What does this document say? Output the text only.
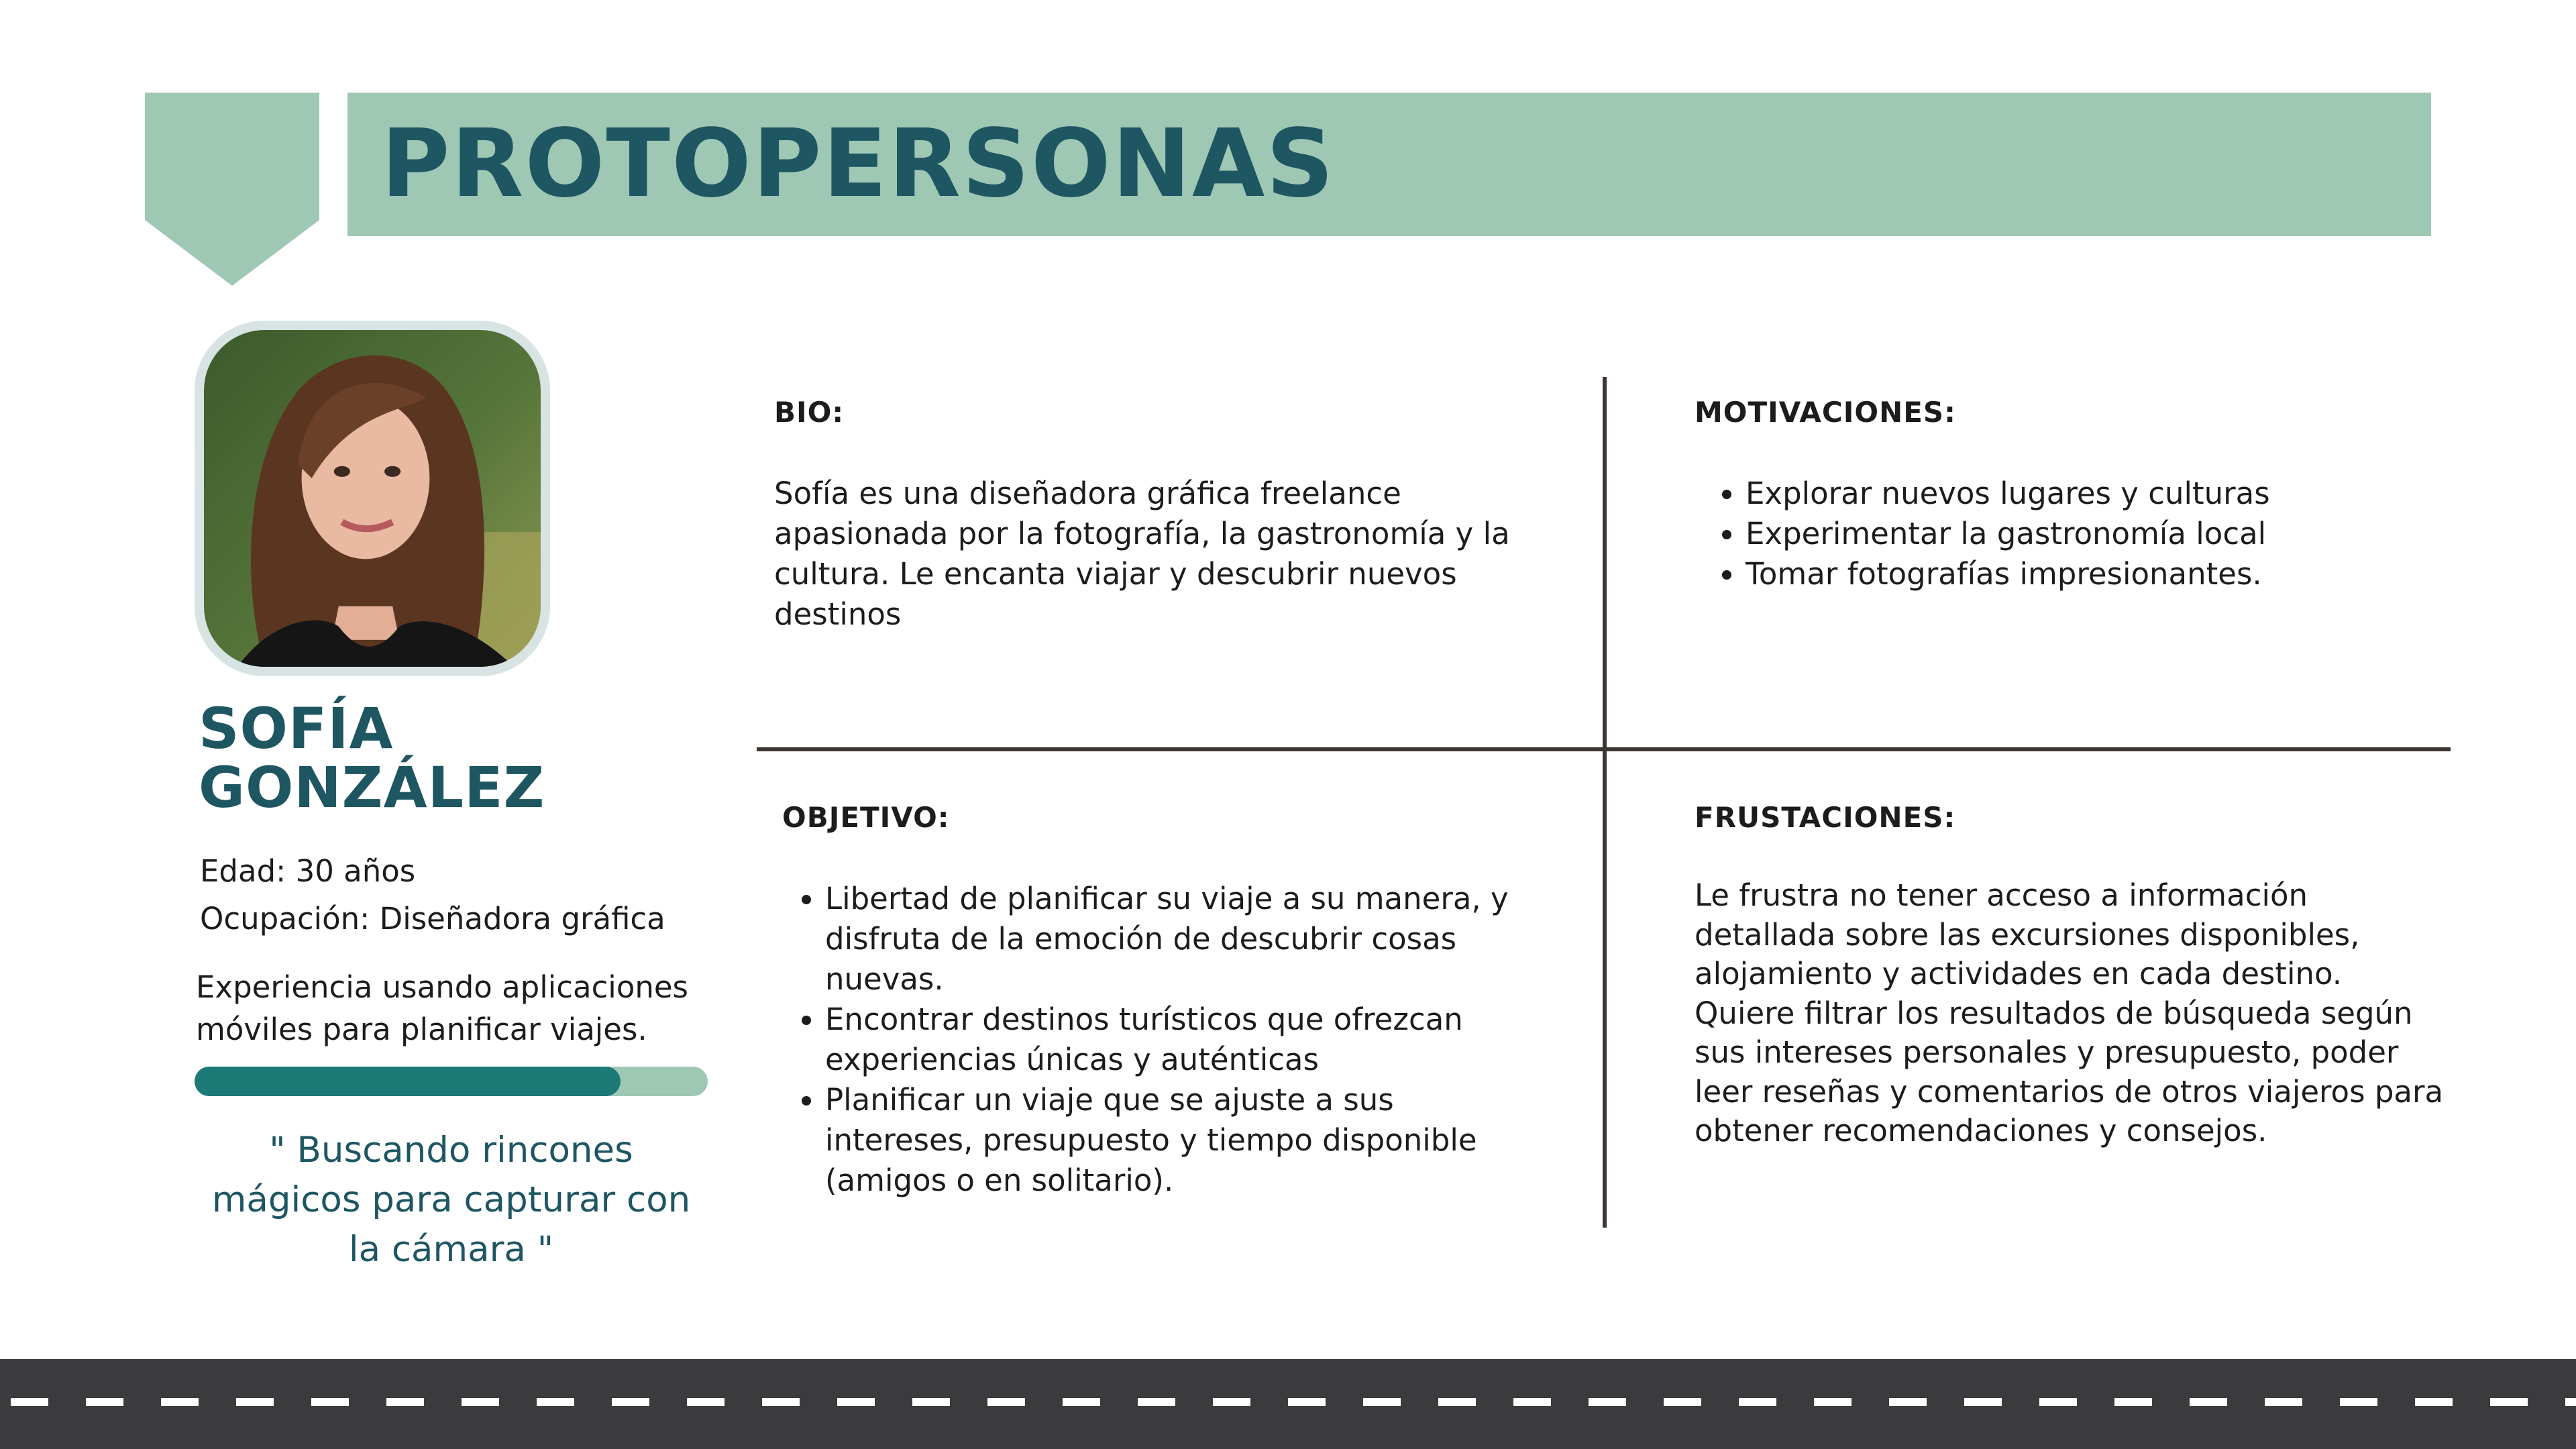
PROTOPERSONAS
SOFÍA
GONZÁLEZ
Edad: 30 años
Ocupación: Diseñadora gráfica
Experiencia usando aplicaciones móviles para planificar viajes.
" Buscando rincones mágicos para capturar con la cámara "
BIO:
Sofía es una diseñadora gráfica freelance apasionada por la fotografía, la gastronomía y la cultura. Le encanta viajar y descubrir nuevos destinos
MOTIVACIONES:
• Explorar nuevos lugares y culturas
• Experimentar la gastronomía local
• Tomar fotografías impresionantes.
OBJETIVO:
• Libertad de planificar su viaje a su manera, y disfruta de la emoción de descubrir cosas nuevas.
• Encontrar destinos turísticos que ofrezcan experiencias únicas y auténticas
• Planificar un viaje que se ajuste a sus intereses, presupuesto y tiempo disponible (amigos o en solitario).
FRUSTACIONES:
Le frustra no tener acceso a información detallada sobre las excursiones disponibles, alojamiento y actividades en cada destino. Quiere filtrar los resultados de búsqueda según sus intereses personales y presupuesto, poder leer reseñas y comentarios de otros viajeros para obtener recomendaciones y consejos.
